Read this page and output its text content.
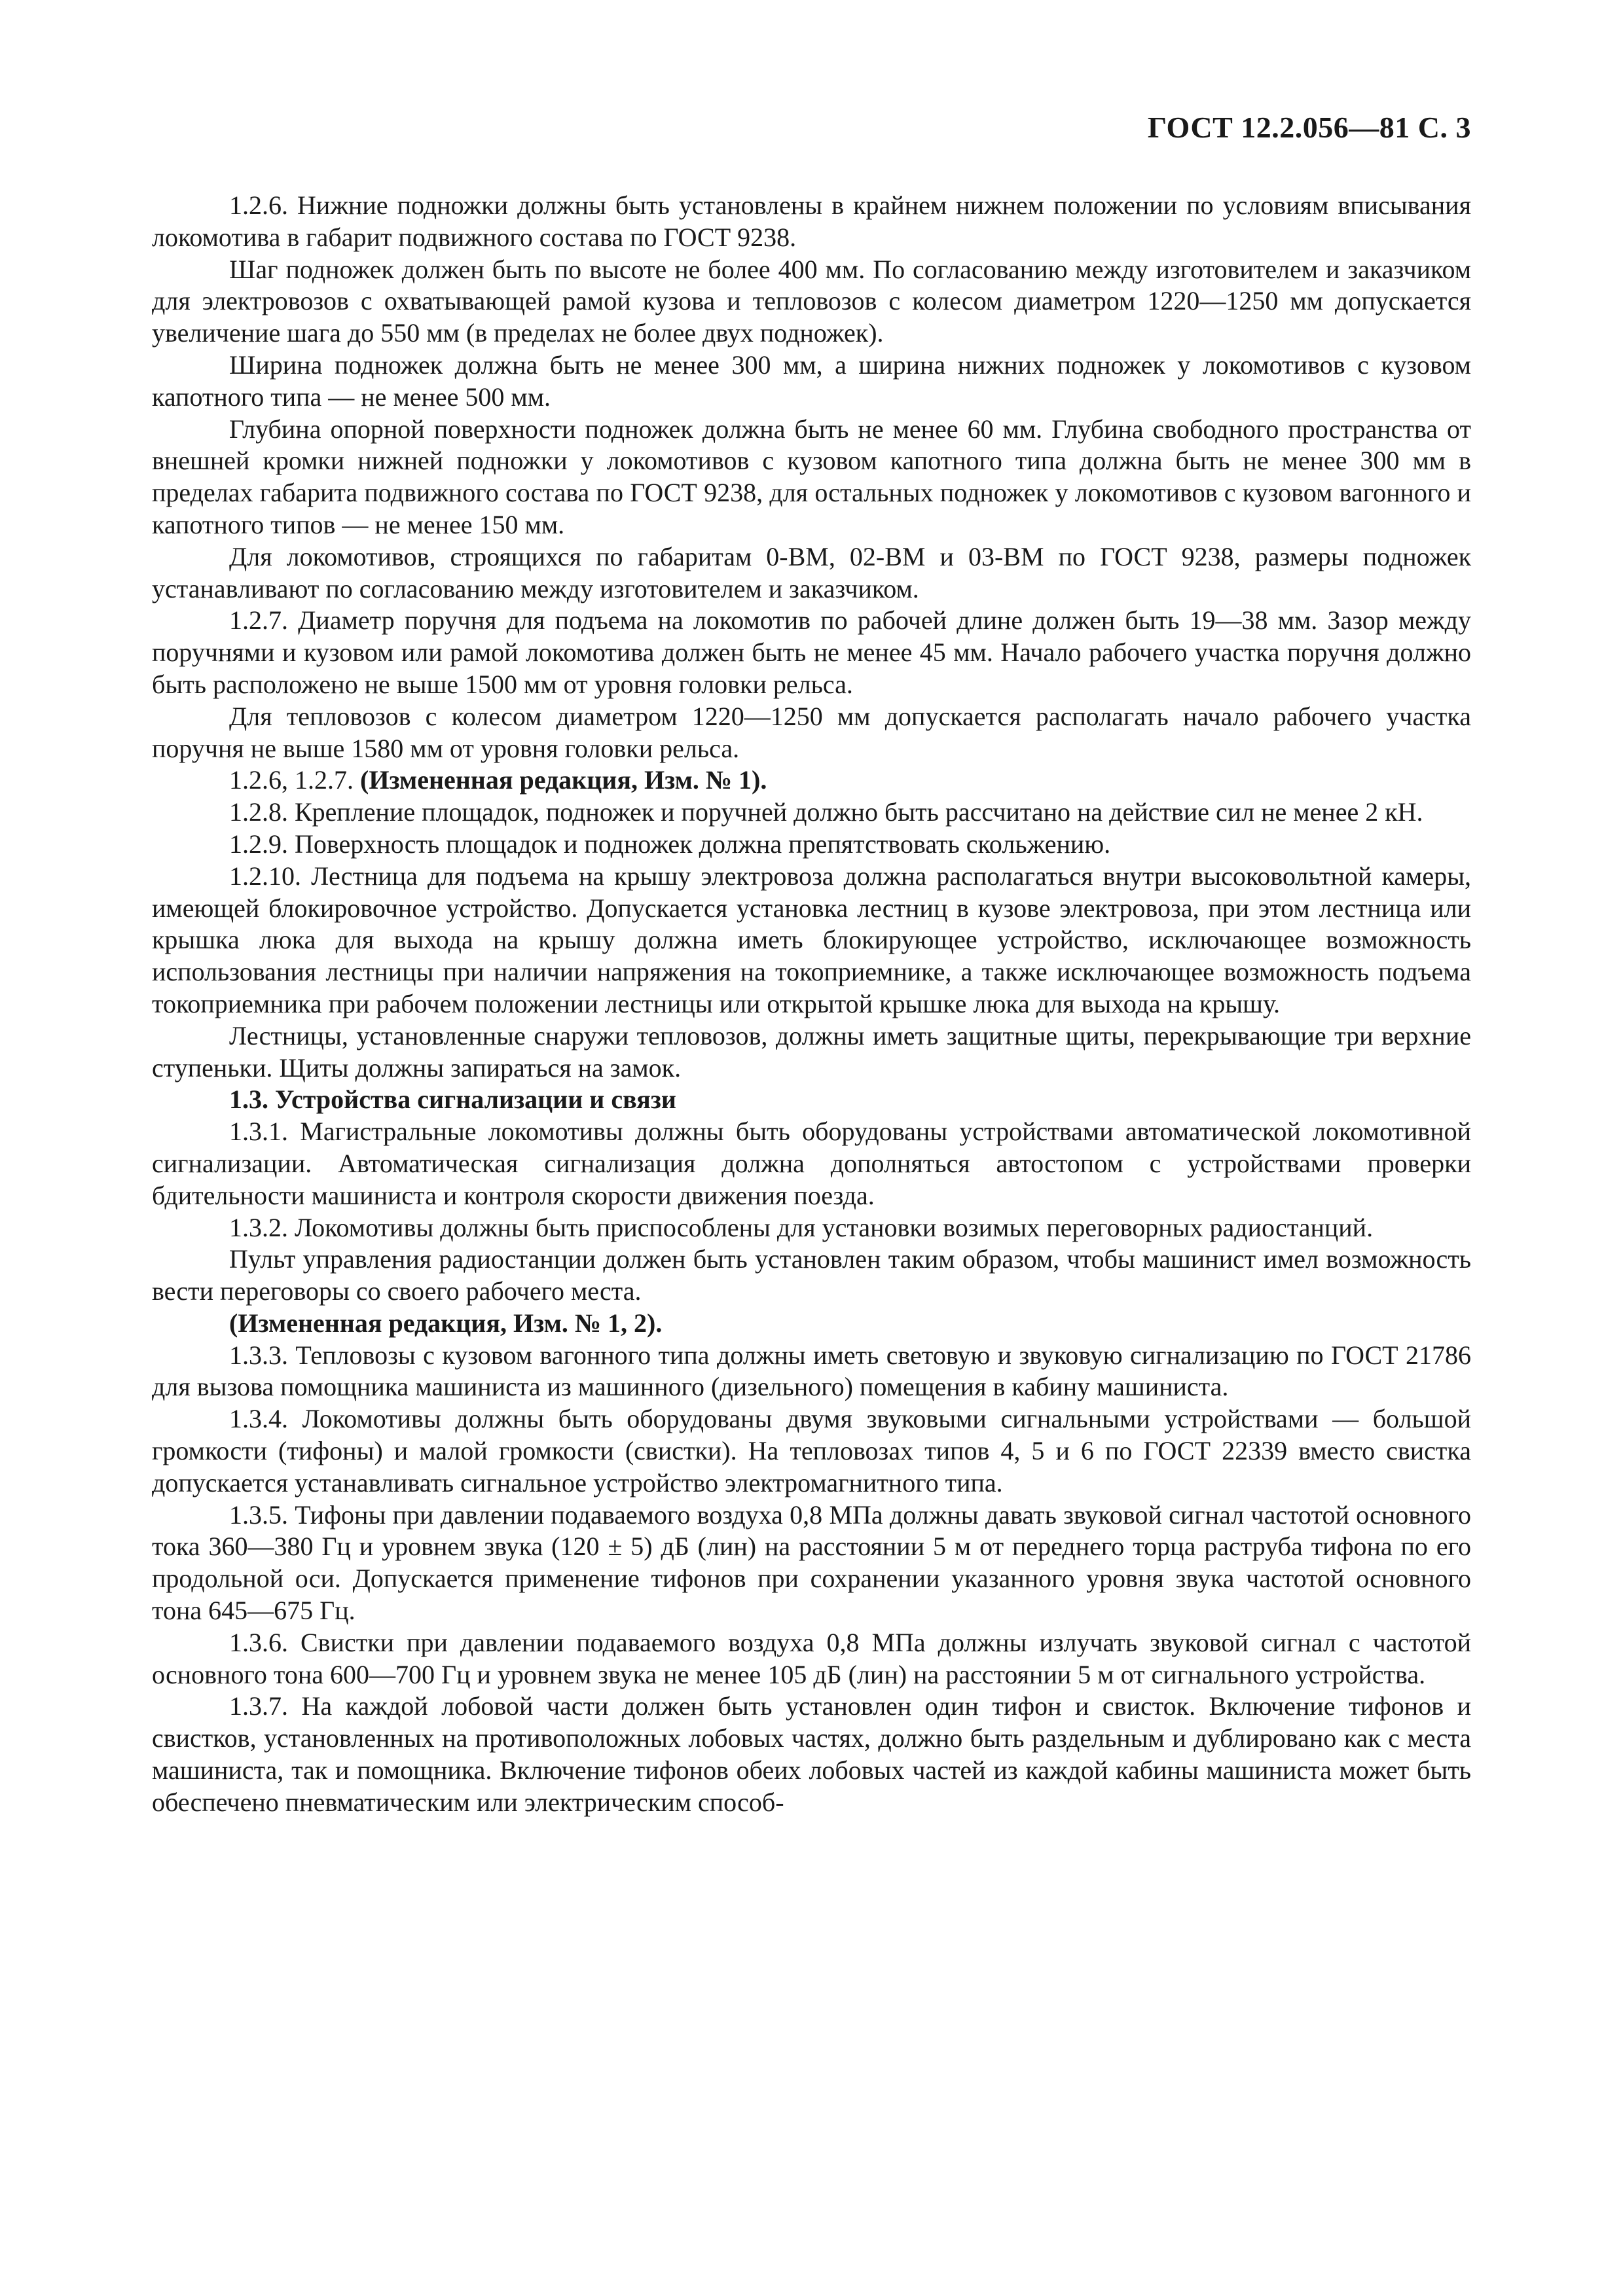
ГОСТ 12.2.056—81 С. 3

1.2.6. Нижние подножки должны быть установлены в крайнем нижнем положении по условиям вписывания локомотива в габарит подвижного состава по ГОСТ 9238.

Шаг подножек должен быть по высоте не более 400 мм. По согласованию между изготовителем и заказчиком для электровозов с охватывающей рамой кузова и тепловозов с колесом диаметром 1220—1250 мм допускается увеличение шага до 550 мм (в пределах не более двух подножек).

Ширина подножек должна быть не менее 300 мм, а ширина нижних подножек у локомотивов с кузовом капотного типа — не менее 500 мм.

Глубина опорной поверхности подножек должна быть не менее 60 мм. Глубина свободного пространства от внешней кромки нижней подножки у локомотивов с кузовом капотного типа должна быть не менее 300 мм в пределах габарита подвижного состава по ГОСТ 9238, для остальных подножек у локомотивов с кузовом вагонного и капотного типов — не менее 150 мм.

Для локомотивов, строящихся по габаритам 0-ВМ, 02-ВМ и 03-ВМ по ГОСТ 9238, размеры подножек устанавливают по согласованию между изготовителем и заказчиком.

1.2.7. Диаметр поручня для подъема на локомотив по рабочей длине должен быть 19—38 мм. Зазор между поручнями и кузовом или рамой локомотива должен быть не менее 45 мм. Начало рабочего участка поручня должно быть расположено не выше 1500 мм от уровня головки рельса.

Для тепловозов с колесом диаметром 1220—1250 мм допускается располагать начало рабочего участка поручня не выше 1580 мм от уровня головки рельса.

1.2.6, 1.2.7. (Измененная редакция, Изм. № 1).

1.2.8. Крепление площадок, подножек и поручней должно быть рассчитано на действие сил не менее 2 кН.

1.2.9. Поверхность площадок и подножек должна препятствовать скольжению.

1.2.10. Лестница для подъема на крышу электровоза должна располагаться внутри высоковольтной камеры, имеющей блокировочное устройство. Допускается установка лестниц в кузове электровоза, при этом лестница или крышка люка для выхода на крышу должна иметь блокирующее устройство, исключающее возможность использования лестницы при наличии напряжения на токоприемнике, а также исключающее возможность подъема токоприемника при рабочем положении лестницы или открытой крышке люка для выхода на крышу.

Лестницы, установленные снаружи тепловозов, должны иметь защитные щиты, перекрывающие три верхние ступеньки. Щиты должны запираться на замок.

1.3. Устройства сигнализации и связи

1.3.1. Магистральные локомотивы должны быть оборудованы устройствами автоматической локомотивной сигнализации. Автоматическая сигнализация должна дополняться автостопом с устройствами проверки бдительности машиниста и контроля скорости движения поезда.

1.3.2. Локомотивы должны быть приспособлены для установки возимых переговорных радиостанций.

Пульт управления радиостанции должен быть установлен таким образом, чтобы машинист имел возможность вести переговоры со своего рабочего места.

(Измененная редакция, Изм. № 1, 2).

1.3.3. Тепловозы с кузовом вагонного типа должны иметь световую и звуковую сигнализацию по ГОСТ 21786 для вызова помощника машиниста из машинного (дизельного) помещения в кабину машиниста.

1.3.4. Локомотивы должны быть оборудованы двумя звуковыми сигнальными устройствами — большой громкости (тифоны) и малой громкости (свистки). На тепловозах типов 4, 5 и 6 по ГОСТ 22339 вместо свистка допускается устанавливать сигнальное устройство электромагнитного типа.

1.3.5. Тифоны при давлении подаваемого воздуха 0,8 МПа должны давать звуковой сигнал частотой основного тока 360—380 Гц и уровнем звука (120 ± 5) дБ (лин) на расстоянии 5 м от переднего торца раструба тифона по его продольной оси. Допускается применение тифонов при сохранении указанного уровня звука частотой основного тона 645—675 Гц.

1.3.6. Свистки при давлении подаваемого воздуха 0,8 МПа должны излучать звуковой сигнал с частотой основного тона 600—700 Гц и уровнем звука не менее 105 дБ (лин) на расстоянии 5 м от сигнального устройства.

1.3.7. На каждой лобовой части должен быть установлен один тифон и свисток. Включение тифонов и свистков, установленных на противоположных лобовых частях, должно быть раздельным и дублировано как с места машиниста, так и помощника. Включение тифонов обеих лобовых частей из каждой кабины машиниста может быть обеспечено пневматическим или электрическим способ-
